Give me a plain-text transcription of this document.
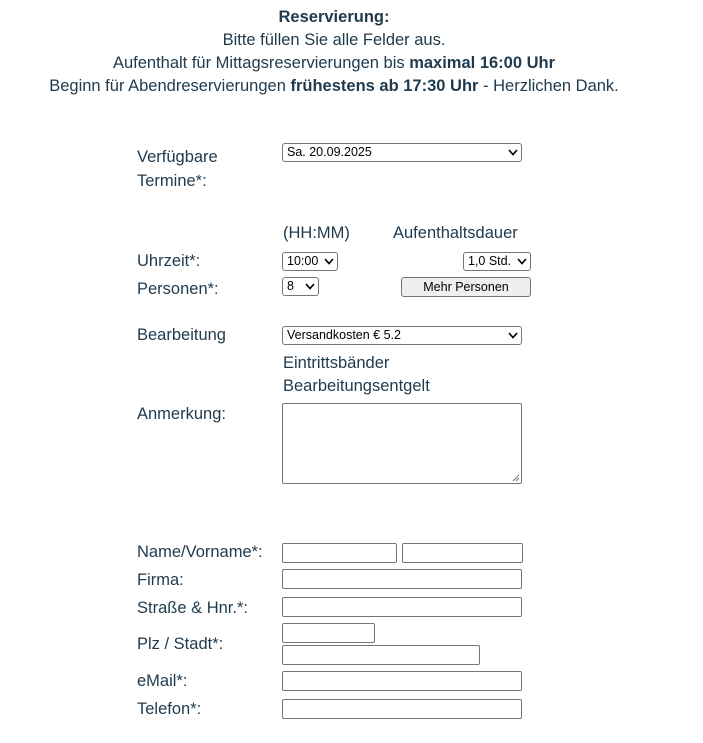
Reservierung:
Bitte füllen Sie alle Felder aus.
Aufenthalt für Mittagsreservierungen bis maximal 16:00 Uhr
Beginn für Abendreservierungen frühestens ab 17:30 Uhr - Herzlichen Dank.
Verfügbare
Termine*:
Sa. 20.09.2025
(HH:MM)	Aufenthaltsdauer
Uhrzeit*:	10:00	1,0 Std.
Personen*:	8	Mehr Personen
Bearbeitung	Versandkosten € 5.2
Eintrittsbänder
Bearbeitungsentgelt
Anmerkung:
Name/Vorname*:
Firma:
Straße & Hnr.*:
Plz / Stadt*:
eMail*:
Telefon*:
